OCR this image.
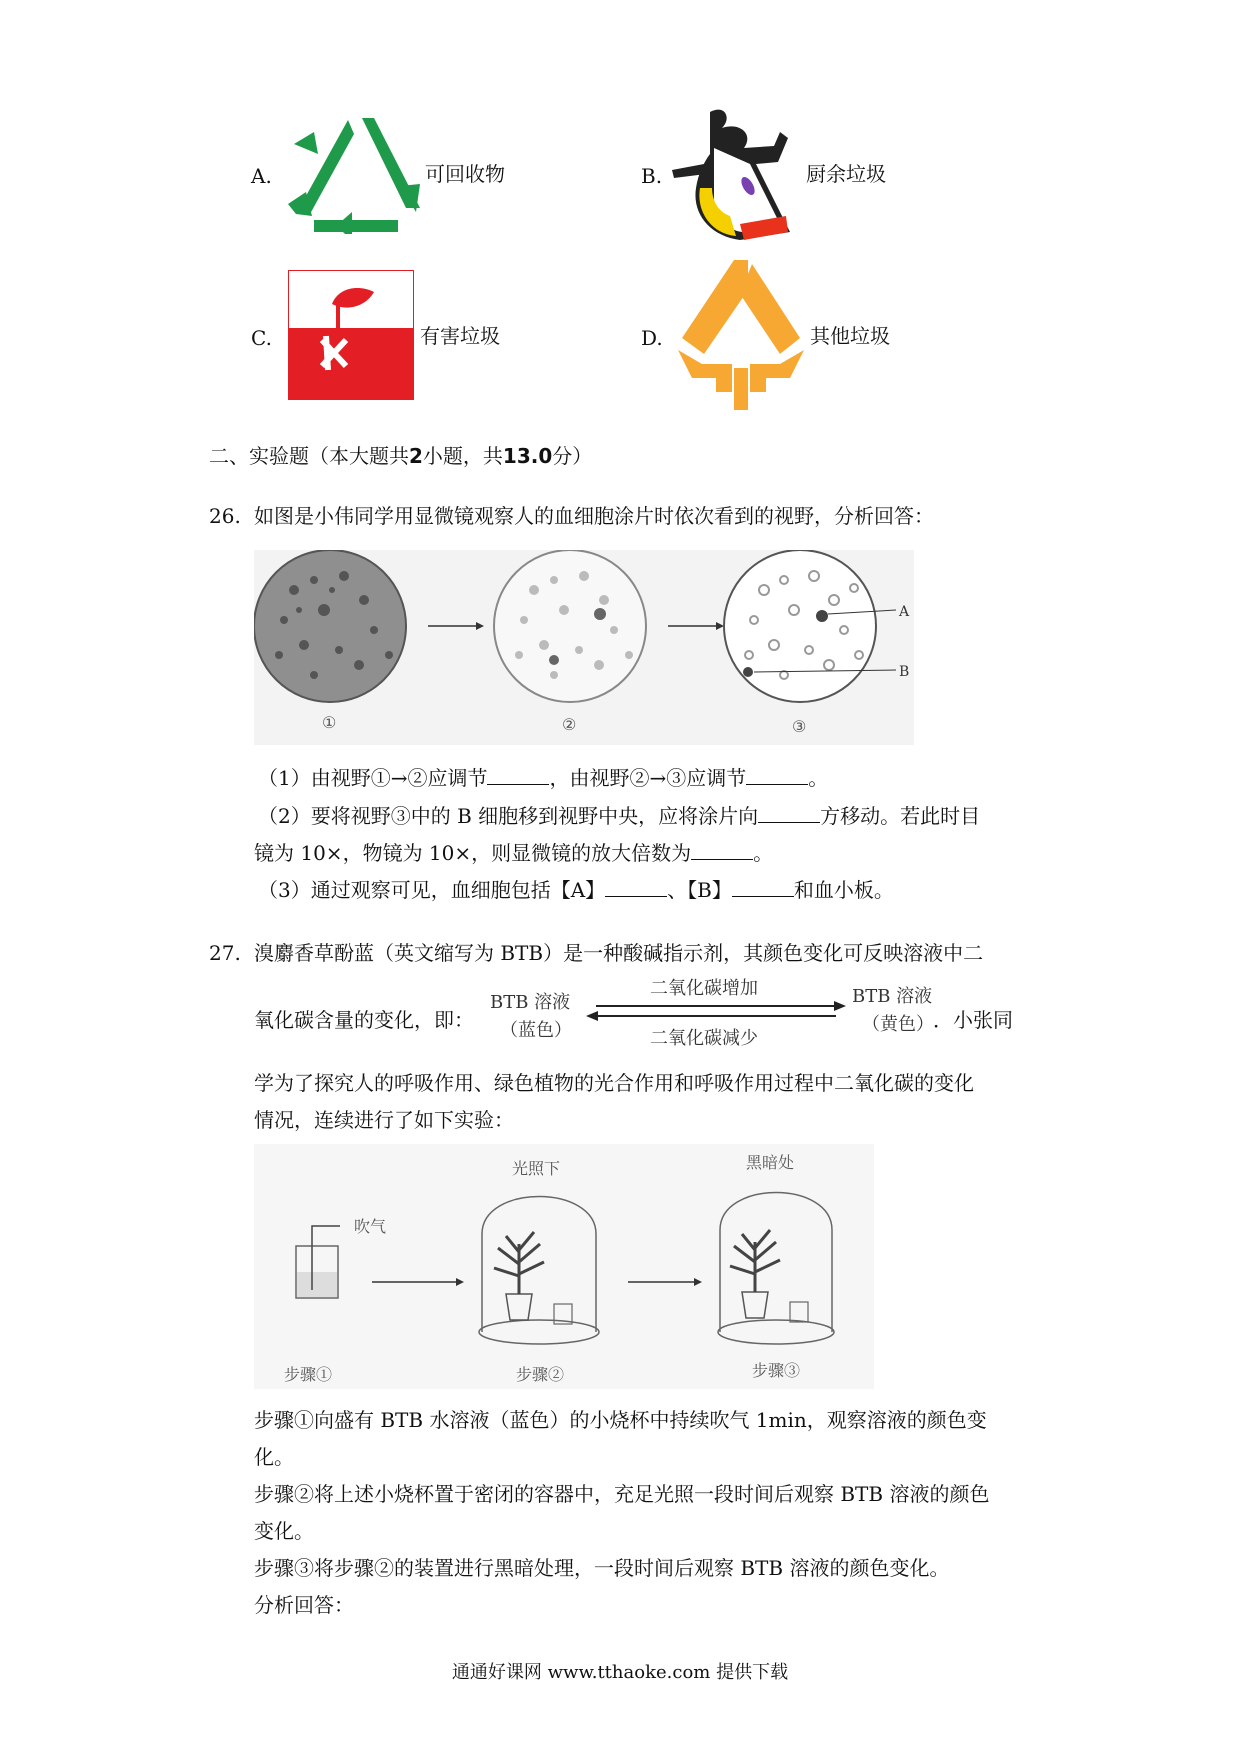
A.	可回收物	B.	厨余垃圾
C.	有害垃圾	D.	其他垃圾
二、实验题（本大题共2小题，共13.0分）
26. 如图是小伟同学用显微镜观察人的血细胞涂片时依次看到的视野，分析回答：
A
B
①	②	③
（1）由视野①→②应调节	，由视野②→③应调节	。
（2）要将视野③中的 B 细胞移到视野中央，应将涂片向	方移动。若此时目
镜为 10×，物镜为 10×，则显微镜的放大倍数为	。
（3）通过观察可见，血细胞包括【A】	、【B】	和血小板。
27. 溴麝香草酚蓝（英文缩写为 BTB）是一种酸碱指示剂，其颜色变化可反映溶液中二
氧化碳含量的变化，即：
BTB 溶液
（蓝色）
二氧化碳增加
二氧化碳减少
BTB 溶液
（黄色） ．小张同
学为了探究人的呼吸作用、绿色植物的光合作用和呼吸作用过程中二氧化碳的变化
情况，连续进行了如下实验：
吹气
步骤①
光照下
步骤②
黑暗处
步骤③
步骤①向盛有 BTB 水溶液（蓝色）的小烧杯中持续吹气 1min，观察溶液的颜色变
化。
步骤②将上述小烧杯置于密闭的容器中，充足光照一段时间后观察 BTB 溶液的颜色
变化。
步骤③将步骤②的装置进行黑暗处理，一段时间后观察 BTB 溶液的颜色变化。
分析回答：
通通好课网 www.tthaoke.com 提供下载
